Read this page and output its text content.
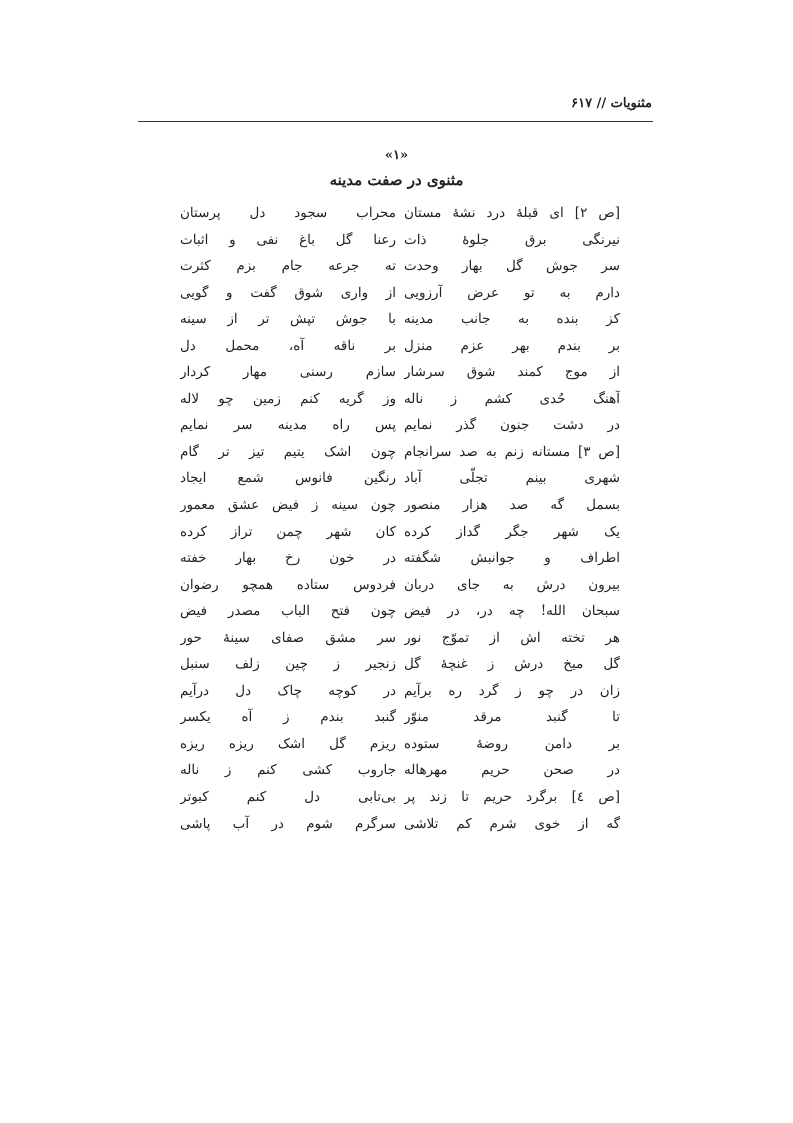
مثنویات // ۶۱۷
«۱»
مثنوی در صفت مدینه
[ص ۲] ای قبلهٔ درد نشهٔ مستان
محراب سجود دل پرستان
نیرنگی برق جلوهٔ ذات
رعنا گل باغ نفی و اثبات
سر جوش گل بهار وحدت
ته جرعه جام بزم کثرت
دارم به تو عرض آرزویی
از واری شوق گفت و گویی
کز بنده به جانب مدینه
با جوش تپش تر از سینه
بر بندم بهر عزم منزل
بر ناقه آه، محمل دل
از موج کمند شوق سرشار
سازم رسنی مهار کردار
آهنگ حُدی کشم ز ناله
وز گریه کنم زمین چو لاله
در دشت جنون گذر نمایم
پس راه مدینه سر نمایم
[ص ۳] مستانه زنم به صد سرانجام
چون اشک یتیم تیز تر گام
شهری بینم تجلّی آباد
رنگین فانوس شمع ایجاد
بسمل گه صد هزار منصور
چون سینه ز فیض عشق معمور
یک شهر جگر گداز کرده
کان شهر چمن تراز کرده
اطراف و جوانبش شگفته
در خون رخ بهار خفته
بیرون درش به جای دربان
فردوس ستاده همچو رضوان
سبحان الله! چه در، در فیض
چون فتح الباب مصدر فیض
هر تخته اش از تموّج نور
سر مشق صفای سینهٔ حور
گل میخ درش ز غنچهٔ گل
زنجیر ز چین زلف سنبل
زان در چو ز گرد ره برآیم
در کوچه چاک دل درآیم
تا گنبد مرقد منوّر
گنبد بندم ز آه یکسر
بر دامن روضهٔ ستوده
ریزم گل اشک ریزه ریزه
در صحن حریم مهرهاله
جاروب کشی کنم ز ناله
[ص ٤] برگرد حریم تا زند پر
بی‌تابی دل کنم کبوتر
گه از خوی شرم کم تلاشی
سرگرم شوم در آب پاشی
